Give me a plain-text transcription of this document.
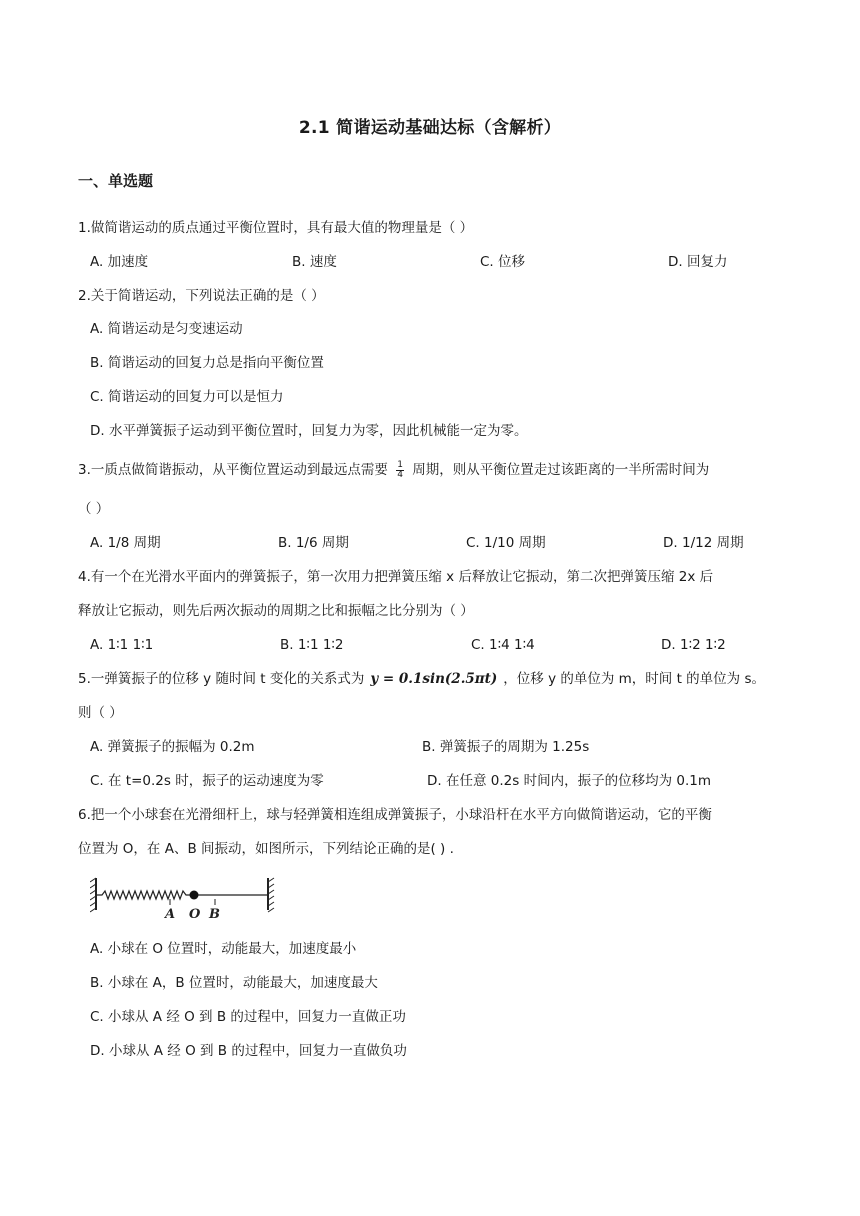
2.1 简谐运动基础达标（含解析）
一、单选题
1.做简谐运动的质点通过平衡位置时，具有最大值的物理量是（ ）
A. 加速度	B. 速度	C. 位移	D. 回复力
2.关于简谐运动，下列说法正确的是（ ）
A. 简谐运动是匀变速运动
B. 简谐运动的回复力总是指向平衡位置
C. 简谐运动的回复力可以是恒力
D. 水平弹簧振子运动到平衡位置时，回复力为零，因此机械能一定为零。
3.一质点做简谐振动，从平衡位置运动到最远点需要 $\frac{1}{4}$ 周期，则从平衡位置走过该距离的一半所需时间为
（ ）
A. 1/8 周期	B. 1/6 周期	C. 1/10 周期	D. 1/12 周期
4.有一个在光滑水平面内的弹簧振子，第一次用力把弹簧压缩 x 后释放让它振动，第二次把弹簧压缩 2x 后
释放让它振动，则先后两次振动的周期之比和振幅之比分别为（ ）
A. 1∶1 1∶1	B. 1∶1 1∶2	C. 1∶4 1∶4	D. 1∶2 1∶2
5.一弹簧振子的位移 y 随时间 t 变化的关系式为 y = 0.1sin(2.5πt) ，位移 y 的单位为 m，时间 t 的单位为 s。
则（ ）
A. 弹簧振子的振幅为 0.2m	B. 弹簧振子的周期为 1.25s
C. 在 t=0.2s 时，振子的运动速度为零	D. 在任意 0.2s 时间内，振子的位移均为 0.1m
6.把一个小球套在光滑细杆上，球与轻弹簧相连组成弹簧振子，小球沿杆在水平方向做简谐运动，它的平衡
位置为 O，在 A、B 间振动，如图所示，下列结论正确的是( ) .
A O B
A. 小球在 O 位置时，动能最大，加速度最小
B. 小球在 A，B 位置时，动能最大，加速度最大
C. 小球从 A 经 O 到 B 的过程中，回复力一直做正功
D. 小球从 A 经 O 到 B 的过程中，回复力一直做负功
